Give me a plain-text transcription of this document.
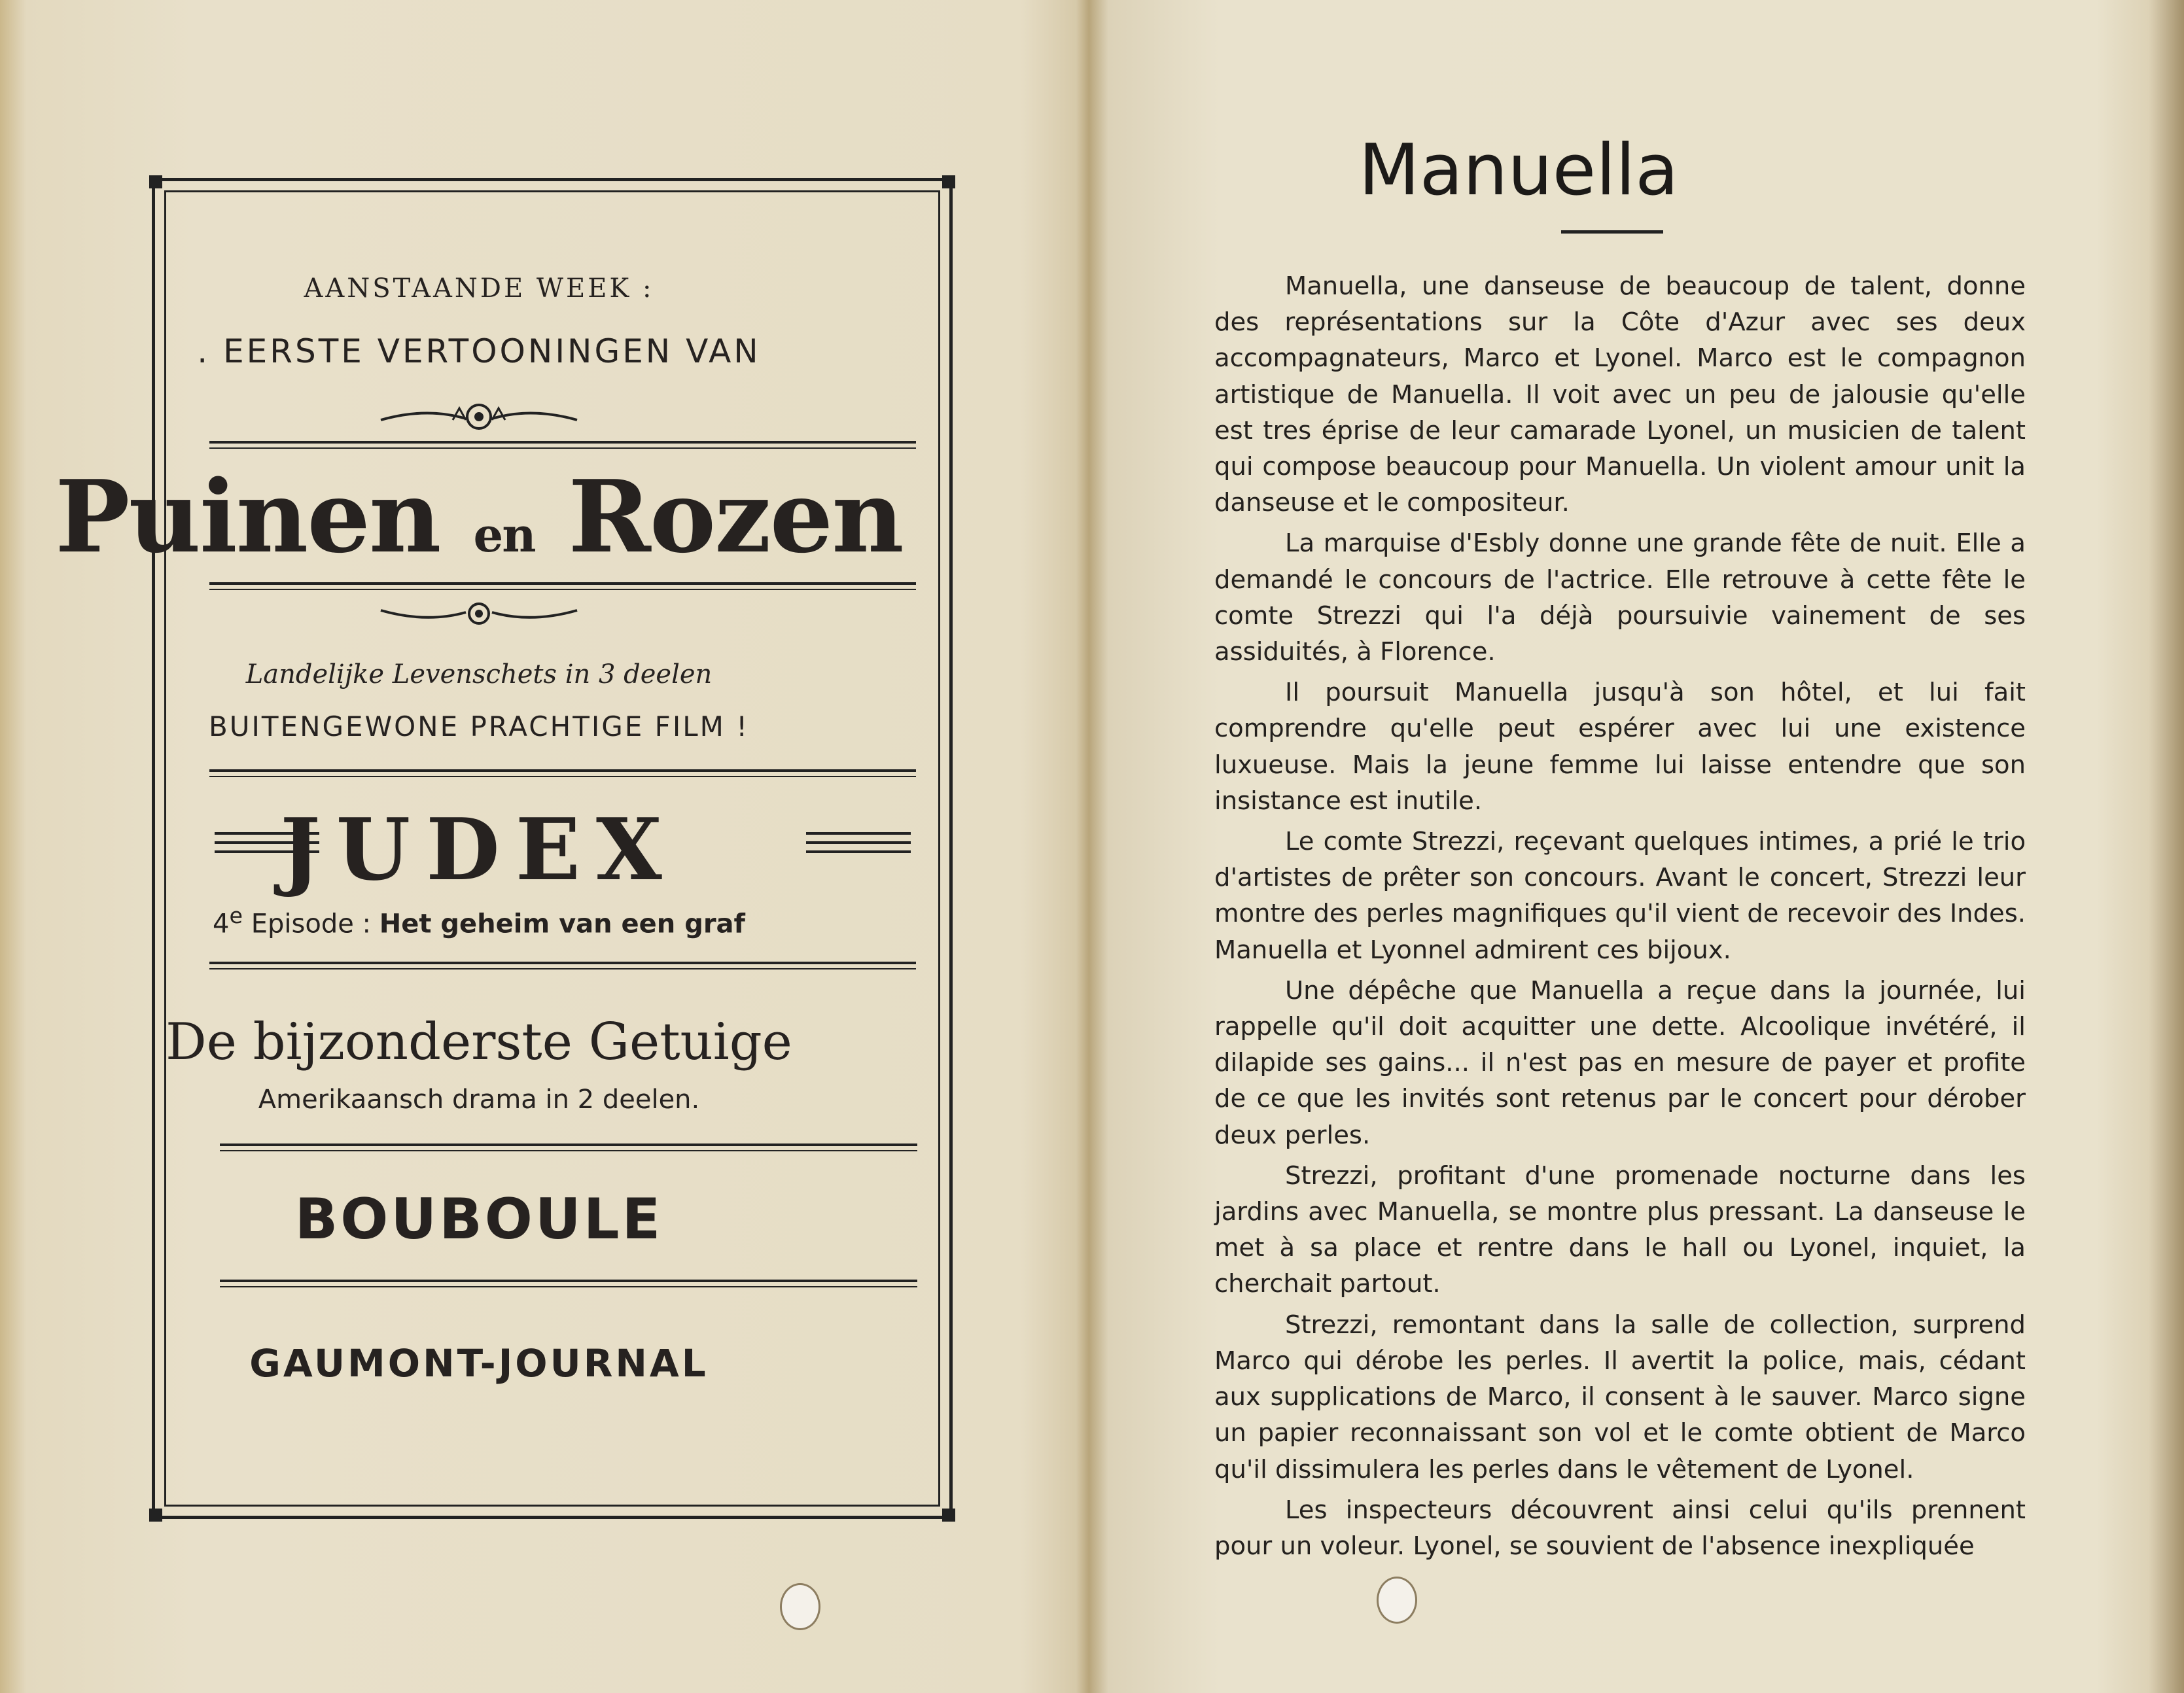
AANSTAANDE WEEK :
. EERSTE VERTOONINGEN VAN
Puinen en Rozen
Landelijke Levenschets in 3 deelen
BUITENGEWONE PRACHTIGE FILM !
JUDEX
4e Episode : Het geheim van een graf
De bijzonderste Getuige
Amerikaansch drama in 2 deelen.
BOUBOULE
GAUMONT-JOURNAL
Manuella

Manuella, une danseuse de beaucoup de talent, donne des représentations sur la Côte d'Azur avec ses deux accompagnateurs, Marco et Lyonel. Marco est le compagnon artistique de Manuella. Il voit avec un peu de jalousie qu'elle est tres éprise de leur camarade Lyonel, un musicien de talent qui compose beaucoup pour Manuella. Un violent amour unit la danseuse et le compositeur.

La marquise d'Esbly donne une grande fête de nuit. Elle a demandé le concours de l'actrice. Elle retrouve à cette fête le comte Strezzi qui l'a déjà poursuivie vainement de ses assiduités, à Florence.

Il poursuit Manuella jusqu'à son hôtel, et lui fait comprendre qu'elle peut espérer avec lui une existence luxueuse. Mais la jeune femme lui laisse entendre que son insistance est inutile.

Le comte Strezzi, reçevant quelques intimes, a prié le trio d'artistes de prêter son concours. Avant le concert, Strezzi leur montre des perles magnifiques qu'il vient de recevoir des Indes. Manuella et Lyonnel admirent ces bijoux.

Une dépêche que Manuella a reçue dans la journée, lui rappelle qu'il doit acquitter une dette. Alcoolique invétéré, il dilapide ses gains... il n'est pas en mesure de payer et profite de ce que les invités sont retenus par le concert pour dérober deux perles.

Strezzi, profitant d'une promenade nocturne dans les jardins avec Manuella, se montre plus pressant. La danseuse le met à sa place et rentre dans le hall ou Lyonel, inquiet, la cherchait partout.

Strezzi, remontant dans la salle de collection, surprend Marco qui dérobe les perles. Il avertit la police, mais, cédant aux supplications de Marco, il consent à le sauver. Marco signe un papier reconnaissant son vol et le comte obtient de Marco qu'il dissimulera les perles dans le vêtement de Lyonel.

Les inspecteurs découvrent ainsi celui qu'ils prennent pour un voleur. Lyonel, se souvient de l'absence inexpliquée
